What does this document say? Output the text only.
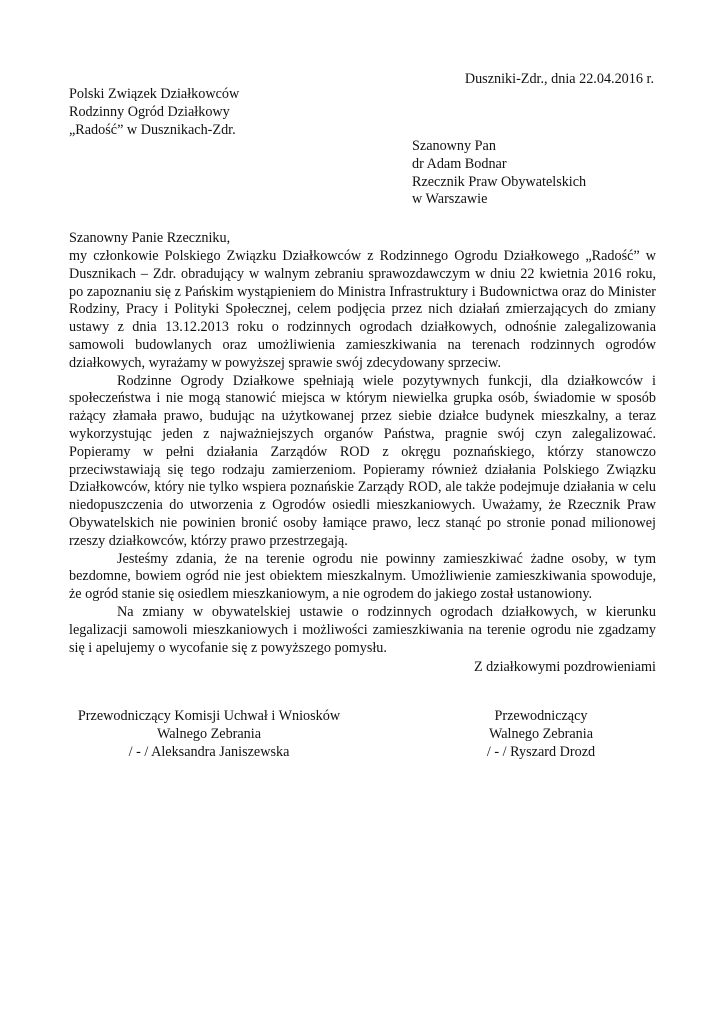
Duszniki-Zdr., dnia 22.04.2016 r.
Polski Związek Działkowców
Rodzinny Ogród Działkowy
„Radość” w Dusznikach-Zdr.
Szanowny Pan
dr Adam Bodnar
Rzecznik Praw Obywatelskich
w Warszawie
Szanowny Panie Rzeczniku,

my członkowie Polskiego Związku Działkowców z Rodzinnego Ogrodu Działkowego „Radość” w Dusznikach – Zdr. obradujący w walnym zebraniu sprawozdawczym w dniu 22 kwietnia 2016 roku, po zapoznaniu się z Pańskim wystąpieniem do Ministra Infrastruktury i Budownictwa oraz do Minister Rodziny, Pracy i Polityki Społecznej, celem podjęcia przez nich działań zmierzających do zmiany ustawy z dnia 13.12.2013 roku o rodzinnych ogrodach działkowych, odnośnie zalegalizowania samowoli budowlanych oraz umożliwienia zamieszkiwania na terenach rodzinnych ogrodów działkowych, wyrażamy w powyższej sprawie swój zdecydowany sprzeciw.

Rodzinne Ogrody Działkowe spełniają wiele pozytywnych funkcji, dla działkowców i społeczeństwa i nie mogą stanowić miejsca w którym niewielka grupka osób, świadomie w sposób rażący złamała prawo, budując na użytkowanej przez siebie działce budynek mieszkalny, a teraz wykorzystując jeden z najważniejszych organów Państwa, pragnie swój czyn zalegalizować. Popieramy w pełni działania Zarządów ROD z okręgu poznańskiego, którzy stanowczo przeciwstawiają się tego rodzaju zamierzeniom. Popieramy również działania Polskiego Związku Działkowców, który nie tylko wspiera poznańskie Zarządy ROD, ale także podejmuje działania w celu niedopuszczenia do utworzenia z Ogrodów osiedli mieszkaniowych. Uważamy, że Rzecznik Praw Obywatelskich nie powinien bronić osoby łamiące prawo, lecz stanąć po stronie ponad milionowej rzeszy działkowców, którzy prawo przestrzegają.

Jesteśmy zdania, że na terenie ogrodu nie powinny zamieszkiwać żadne osoby, w tym bezdomne, bowiem ogród nie jest obiektem mieszkalnym. Umożliwienie zamieszkiwania spowoduje, że ogród stanie się osiedlem mieszkaniowym, a nie ogrodem do jakiego został ustanowiony.

Na zmiany w obywatelskiej ustawie o rodzinnych ogrodach działkowych, w kierunku legalizacji samowoli mieszkaniowych i możliwości zamieszkiwania na terenie ogrodu nie zgadzamy się i apelujemy o wycofanie się z powyższego pomysłu.

Z działkowymi pozdrowieniami
Przewodniczący Komisji Uchwał i Wniosków
Walnego Zebrania
/ - / Aleksandra Janiszewska
Przewodniczący
Walnego Zebrania
/ - / Ryszard Drozd
